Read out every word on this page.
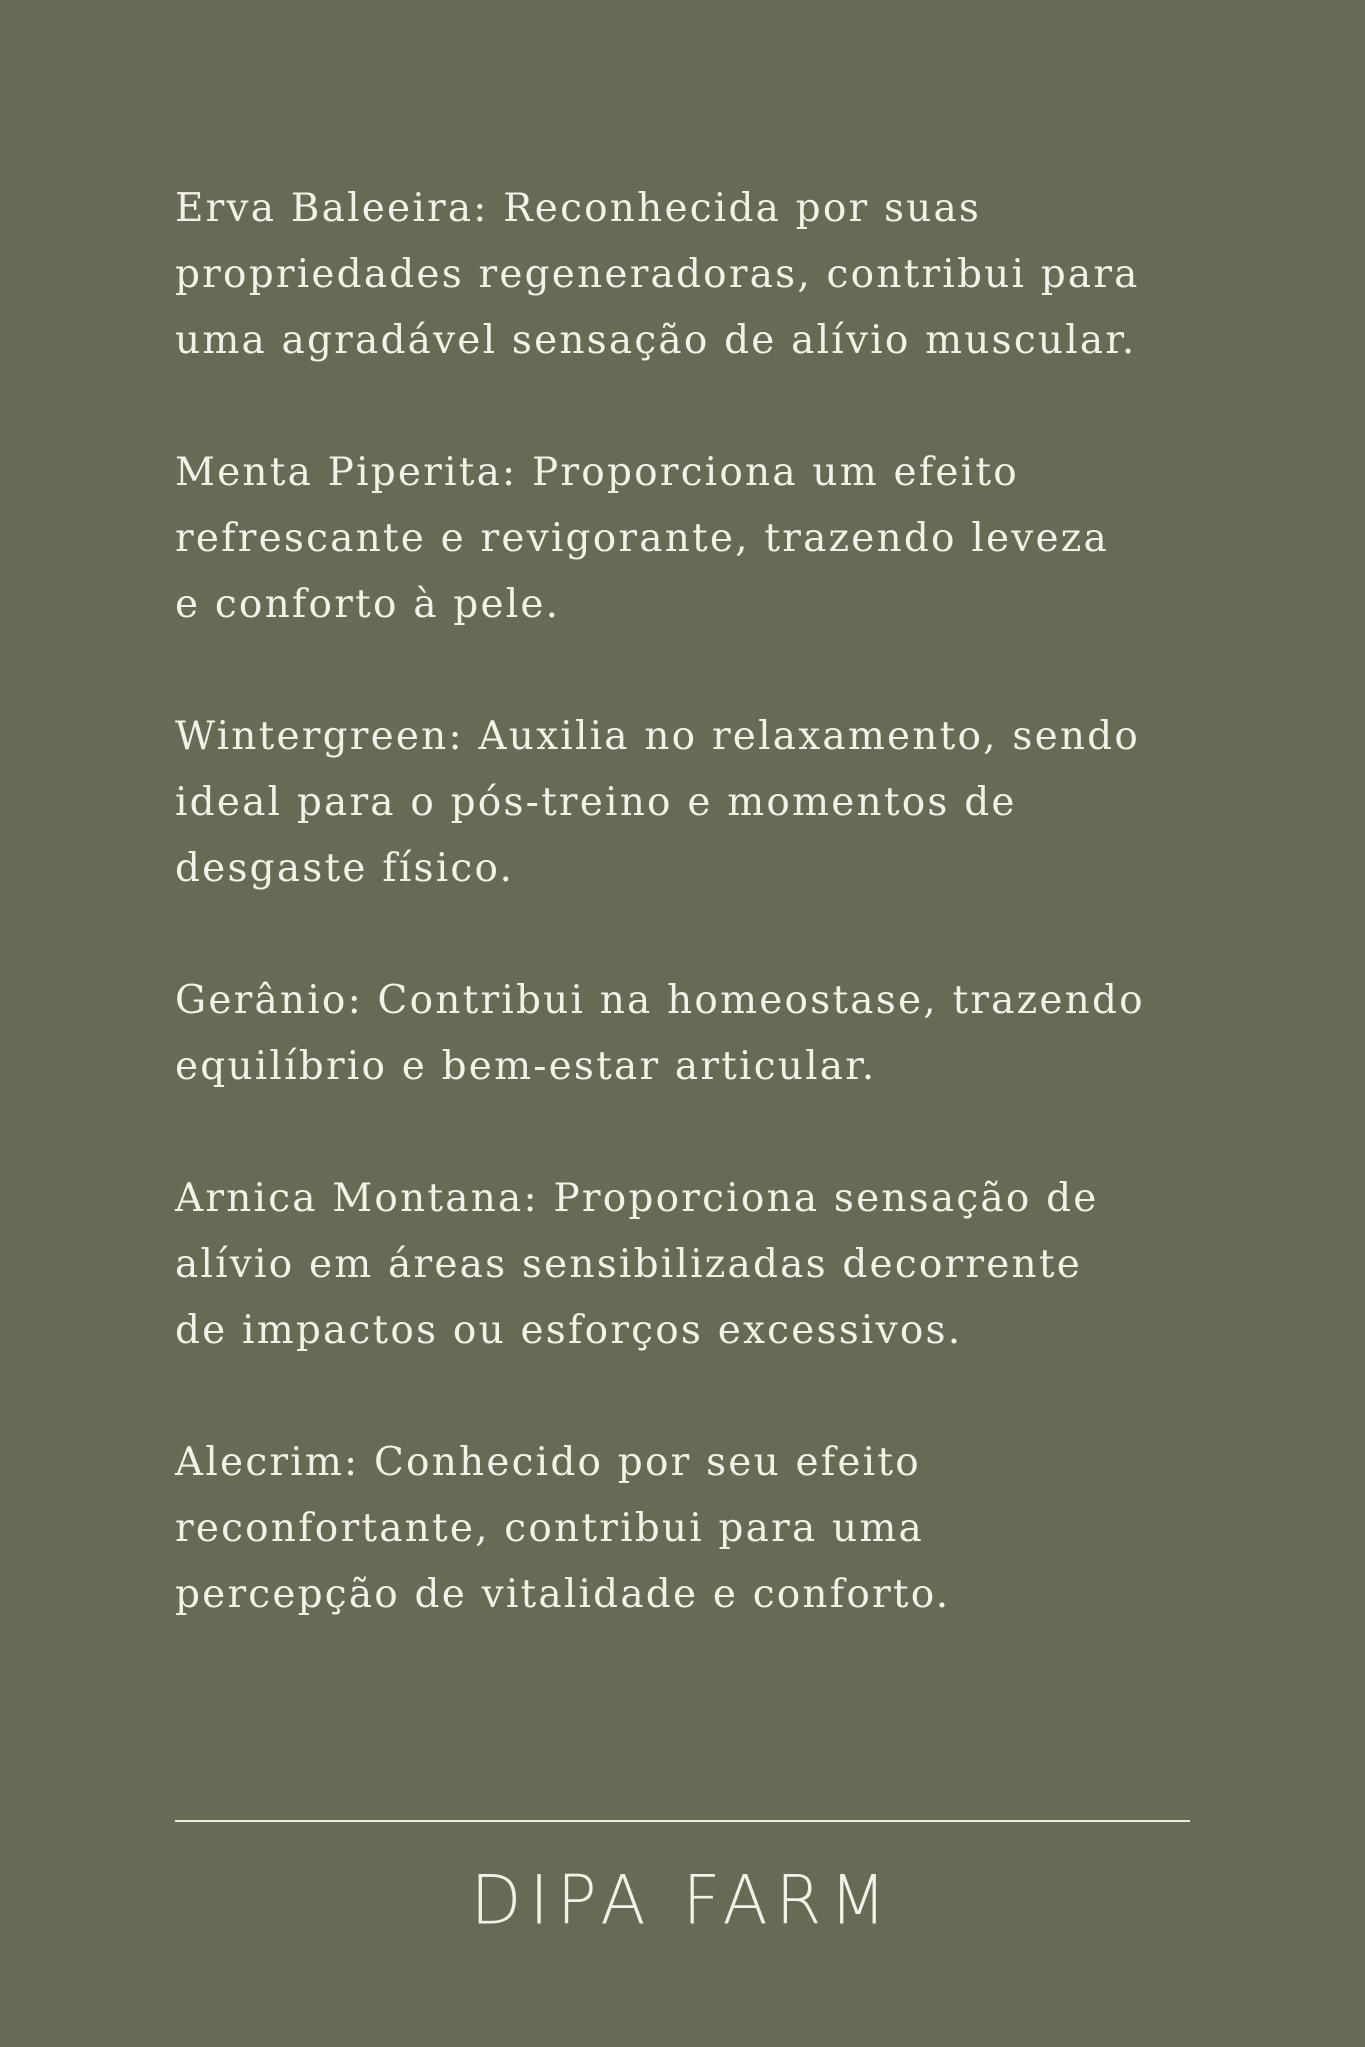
Erva Baleeira: Reconhecida por suas
propriedades regeneradoras, contribui para
uma agradável sensação de alívio muscular.

Menta Piperita: Proporciona um efeito
refrescante e revigorante, trazendo leveza
e conforto à pele.

Wintergreen: Auxilia no relaxamento, sendo
ideal para o pós-treino e momentos de
desgaste físico.

Gerânio: Contribui na homeostase, trazendo
equilíbrio e bem-estar articular.

Arnica Montana: Proporciona sensação de
alívio em áreas sensibilizadas decorrente
de impactos ou esforços excessivos.

Alecrim: Conhecido por seu efeito
reconfortante, contribui para uma
percepção de vitalidade e conforto.

DIPA FARM
